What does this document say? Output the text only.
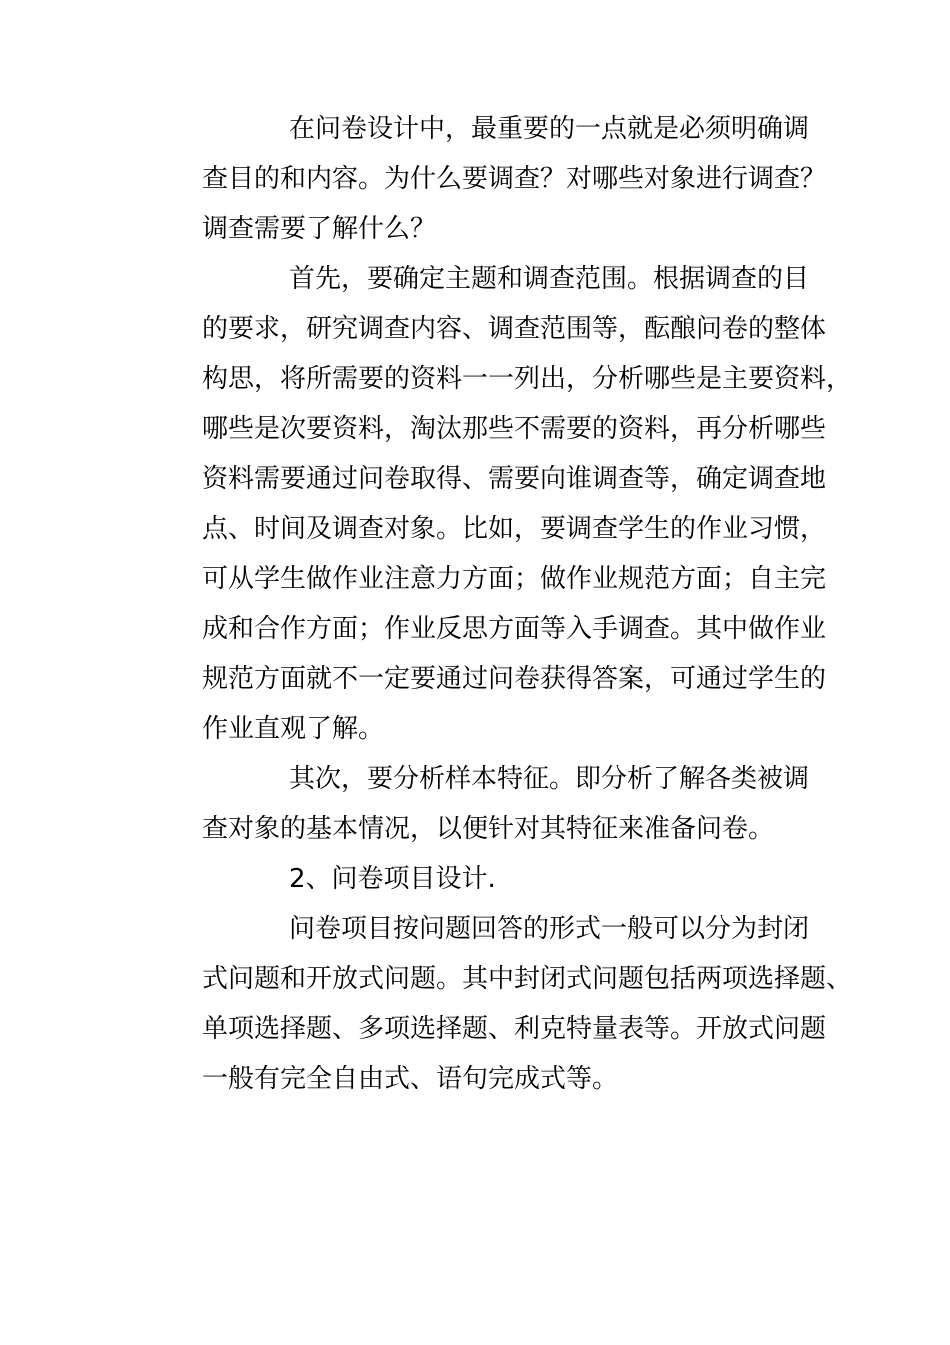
在问卷设计中，最重要的一点就是必须明确调
查目的和内容。为什么要调查？对哪些对象进行调查？
调查需要了解什么？
首先，要确定主题和调查范围。根据调查的目
的要求，研究调查内容、调查范围等，酝酿问卷的整体
构思，将所需要的资料一一列出，分析哪些是主要资料，
哪些是次要资料，淘汰那些不需要的资料，再分析哪些
资料需要通过问卷取得、需要向谁调查等，确定调查地
点、时间及调查对象。比如，要调查学生的作业习惯，
可从学生做作业注意力方面；做作业规范方面；自主完
成和合作方面；作业反思方面等入手调查。其中做作业
规范方面就不一定要通过问卷获得答案，可通过学生的
作业直观了解。
其次，要分析样本特征。即分析了解各类被调
查对象的基本情况，以便针对其特征来准备问卷。
2、问卷项目设计.
问卷项目按问题回答的形式一般可以分为封闭
式问题和开放式问题。其中封闭式问题包括两项选择题、
单项选择题、多项选择题、利克特量表等。开放式问题
一般有完全自由式、语句完成式等。
